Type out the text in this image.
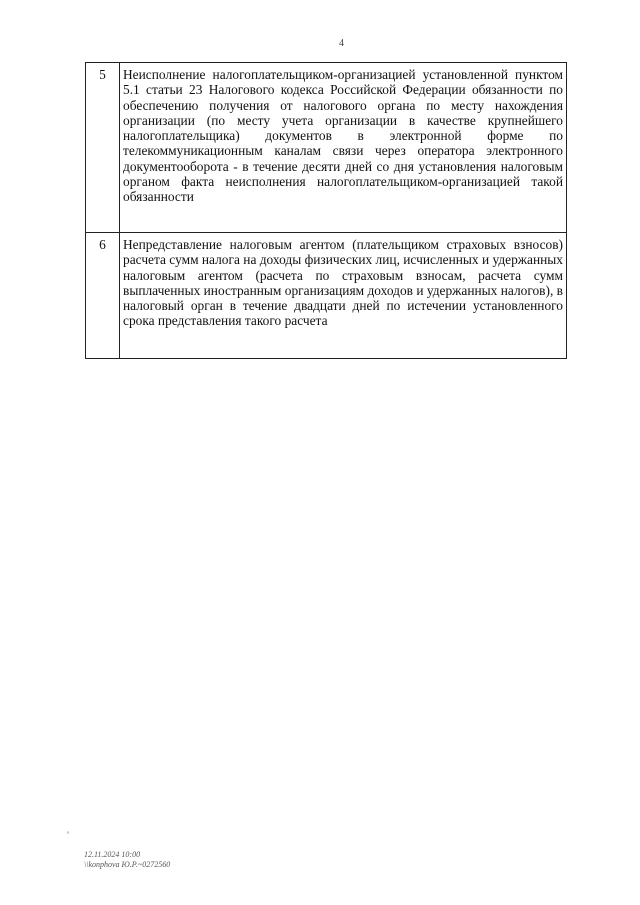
4
5	Неисполнение налогоплательщиком-организацией установленной пунктом 5.1 статьи 23 Налогового кодекса Российской Федерации обязанности по обеспечению получения от налогового органа по месту нахождения организации (по месту учета организации в качестве крупнейшего налогоплательщика) документов в электронной форме по телекоммуникационным каналам связи через оператора электронного документооборота - в течение десяти дней со дня установления налоговым органом факта неисполнения налогоплательщиком-организацией такой обязанности
6	Непредставление налоговым агентом (плательщиком страховых взносов) расчета сумм налога на доходы физических лиц, исчисленных и удержанных налоговым агентом (расчета по страховым взносам, расчета сумм выплаченных иностранным организациям доходов и удержанных налогов), в налоговый орган в течение двадцати дней по истечении установленного срока представления такого расчета
ₓ
12.11.2024 10:00
\\konphova Ю.Р.~0272560
